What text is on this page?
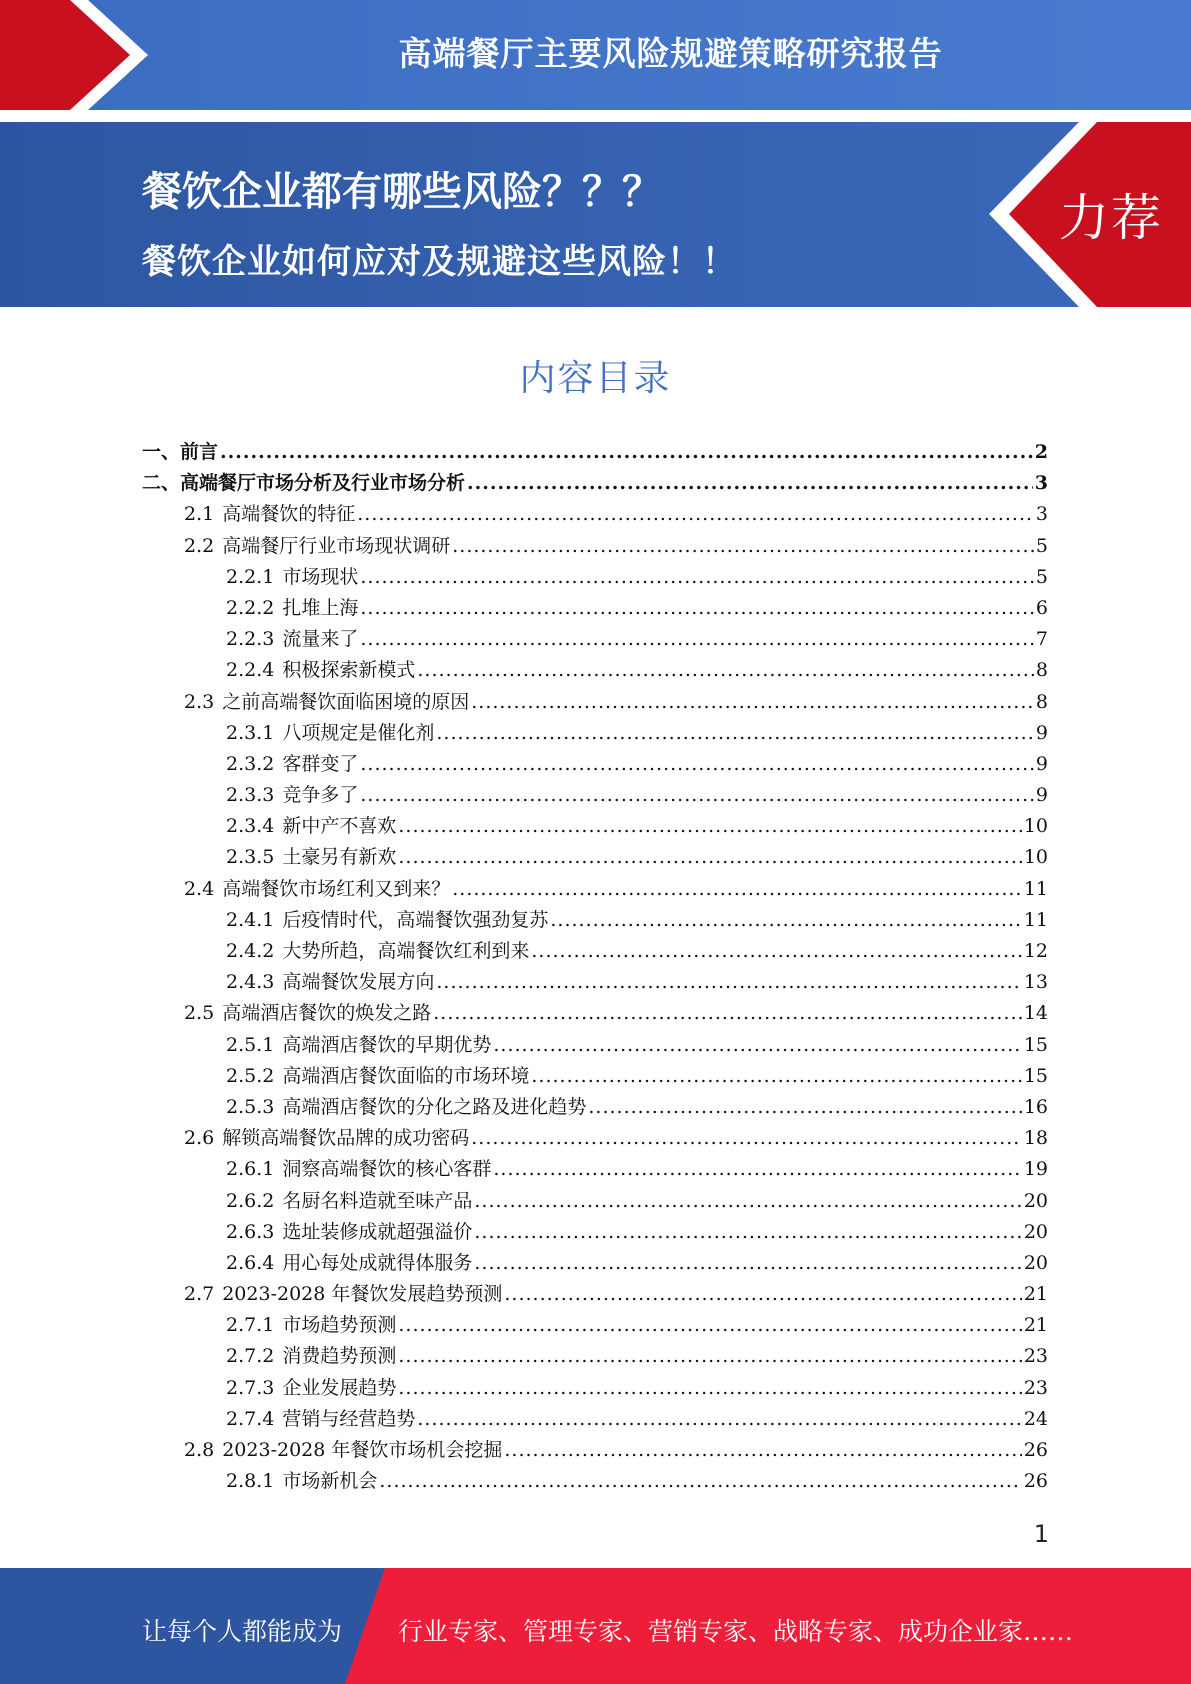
高端餐厅主要风险规避策略研究报告
餐饮企业都有哪些风险？？？
餐饮企业如何应对及规避这些风险！！
力荐
内容目录
一、前言 .....	2
二、高端餐厅市场分析及行业市场分析 .....	3
2.1 高端餐饮的特征 .....	3
2.2 高端餐厅行业市场现状调研 .....	5
2.2.1 市场现状 .....	5
2.2.2 扎堆上海 .....	6
2.2.3 流量来了 .....	7
2.2.4 积极探索新模式 .....	8
2.3 之前高端餐饮面临困境的原因 .....	8
2.3.1 八项规定是催化剂 .....	9
2.3.2 客群变了 .....	9
2.3.3 竞争多了 .....	9
2.3.4 新中产不喜欢 .....	10
2.3.5 土豪另有新欢 .....	10
2.4 高端餐饮市场红利又到来？ .....	11
2.4.1 后疫情时代，高端餐饮强劲复苏 .....	11
2.4.2 大势所趋，高端餐饮红利到来 .....	12
2.4.3 高端餐饮发展方向 .....	13
2.5 高端酒店餐饮的焕发之路 .....	14
2.5.1 高端酒店餐饮的早期优势 .....	15
2.5.2 高端酒店餐饮面临的市场环境 .....	15
2.5.3 高端酒店餐饮的分化之路及进化趋势 .....	16
2.6 解锁高端餐饮品牌的成功密码 .....	18
2.6.1 洞察高端餐饮的核心客群 .....	19
2.6.2 名厨名料造就至味产品 .....	20
2.6.3 选址装修成就超强溢价 .....	20
2.6.4 用心每处成就得体服务 .....	20
2.7 2023-2028 年餐饮发展趋势预测 .....	21
2.7.1 市场趋势预测 .....	21
2.7.2 消费趋势预测 .....	23
2.7.3 企业发展趋势 .....	23
2.7.4 营销与经营趋势 .....	24
2.8 2023-2028 年餐饮市场机会挖掘 .....	26
2.8.1 市场新机会 .....	26
1
让每个人都能成为 行业专家、管理专家、营销专家、战略专家、成功企业家……
